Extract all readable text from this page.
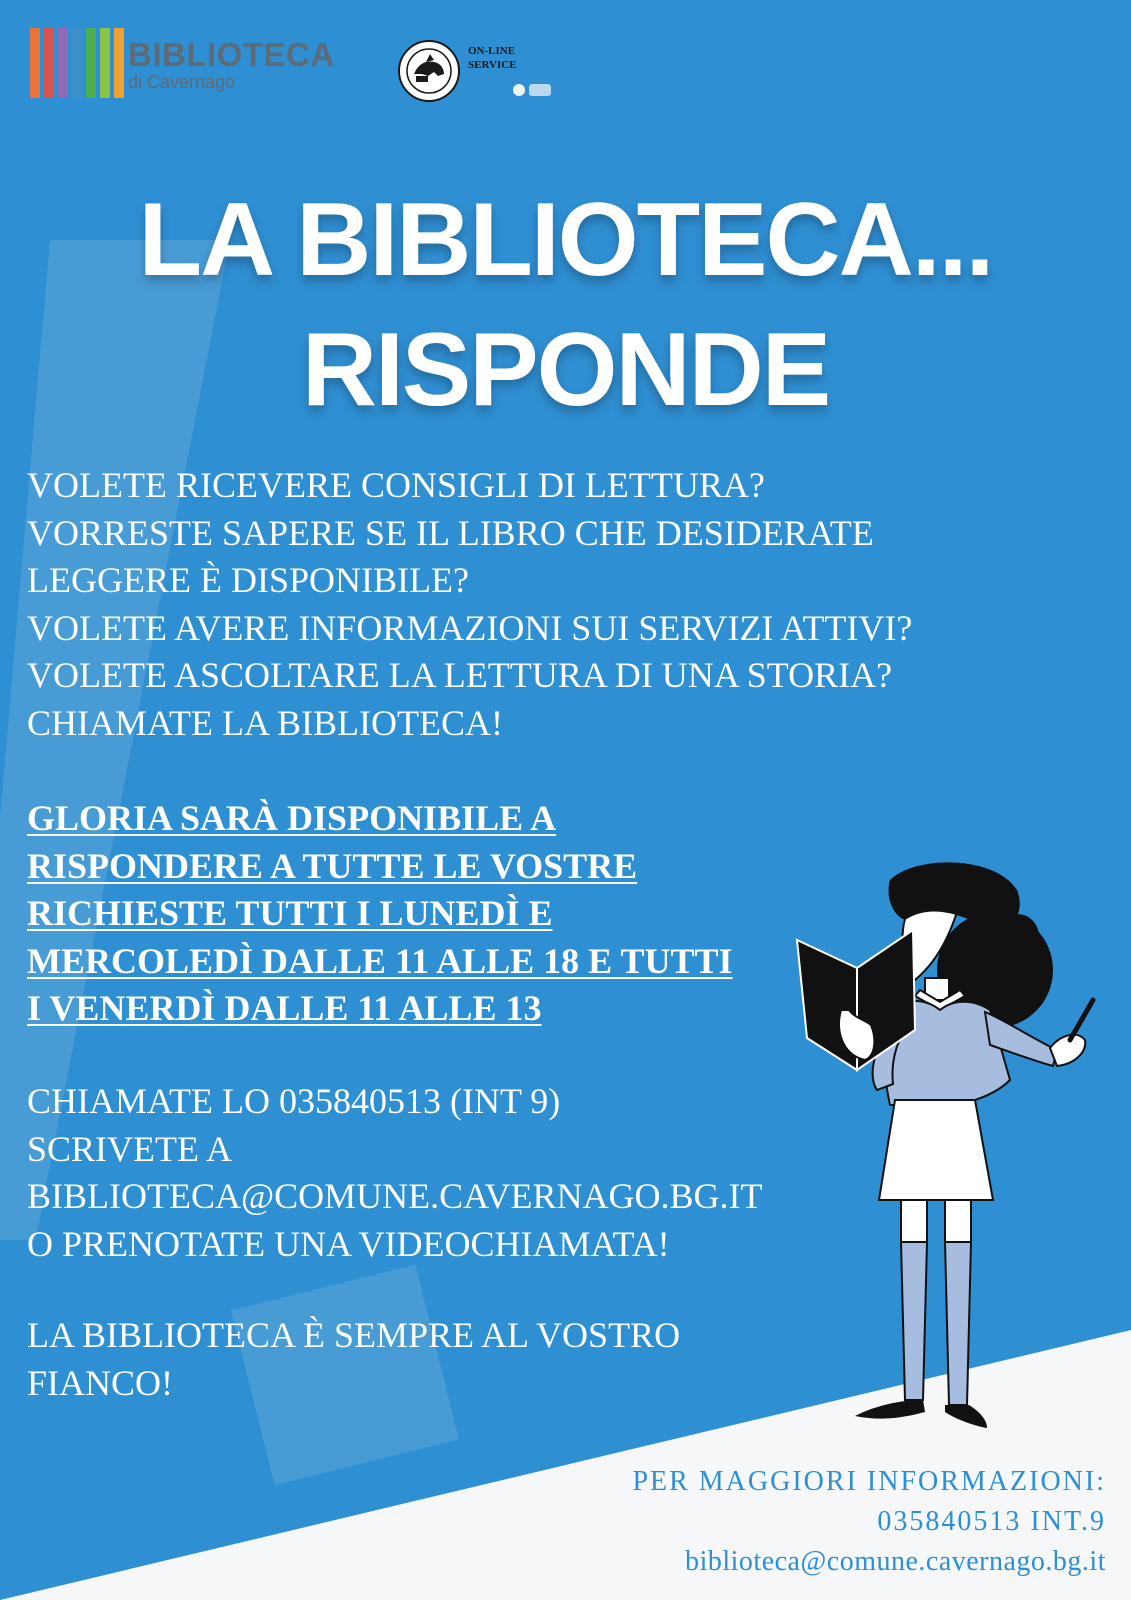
BIBLIOTECA
di Cavernago
ON-LINE
SERVICE
LA BIBLIOTECA...
RISPONDE
VOLETE RICEVERE CONSIGLI DI LETTURA?
VORRESTE SAPERE SE IL LIBRO CHE DESIDERATE
LEGGERE È DISPONIBILE?
VOLETE AVERE INFORMAZIONI SUI SERVIZI ATTIVI?
VOLETE ASCOLTARE LA LETTURA DI UNA STORIA?
CHIAMATE LA BIBLIOTECA!
GLORIA SARÀ DISPONIBILE A
RISPONDERE A TUTTE LE VOSTRE
RICHIESTE TUTTI I LUNEDÌ E
MERCOLEDÌ DALLE 11 ALLE 18 E TUTTI
I VENERDÌ DALLE 11 ALLE 13
CHIAMATE LO 035840513 (INT 9)
SCRIVETE A
BIBLIOTECA@COMUNE.CAVERNAGO.BG.IT
O PRENOTATE UNA VIDEOCHIAMATA!
LA BIBLIOTECA È SEMPRE AL VOSTRO
FIANCO!
PER MAGGIORI INFORMAZIONI:
035840513 INT.9
biblioteca@comune.cavernago.bg.it
